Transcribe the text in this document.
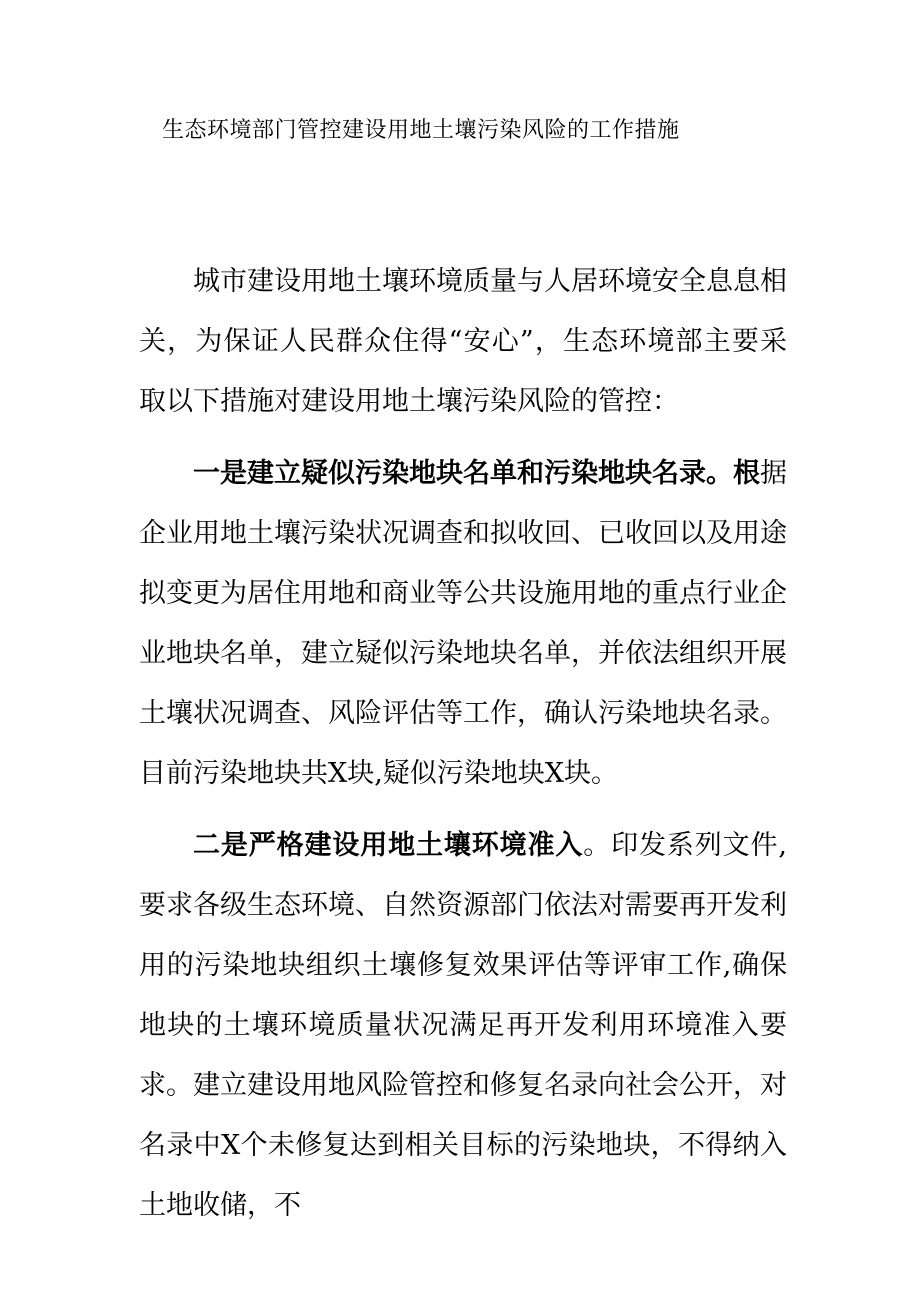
生态环境部门管控建设用地土壤污染风险的工作措施

城市建设用地土壤环境质量与人居环境安全息息相关，为保证人民群众住得“安心”，生态环境部主要采取以下措施对建设用地土壤污染风险的管控：

一是建立疑似污染地块名单和污染地块名录。根据企业用地土壤污染状况调查和拟收回、已收回以及用途拟变更为居住用地和商业等公共设施用地的重点行业企业地块名单，建立疑似污染地块名单，并依法组织开展土壤状况调查、风险评估等工作，确认污染地块名录。目前污染地块共X块,疑似污染地块X块。

二是严格建设用地土壤环境准入。印发系列文件,要求各级生态环境、自然资源部门依法对需要再开发利用的污染地块组织土壤修复效果评估等评审工作,确保地块的土壤环境质量状况满足再开发利用环境准入要求。建立建设用地风险管控和修复名录向社会公开，对名录中X个未修复达到相关目标的污染地块，不得纳入土地收储，不
